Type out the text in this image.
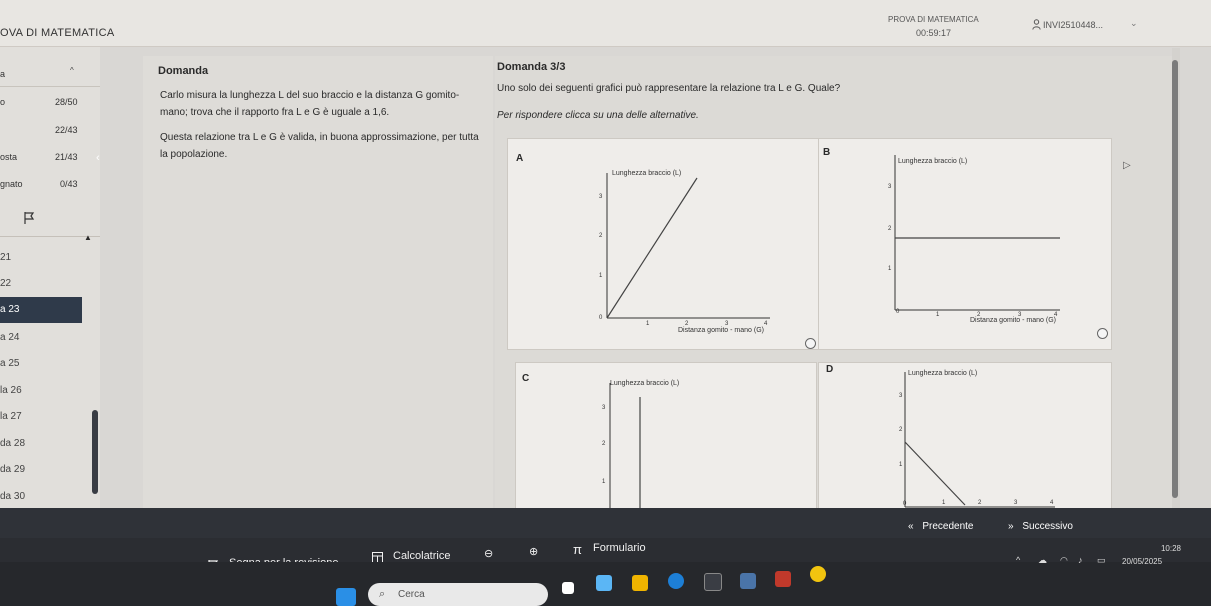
OVA DI MATEMATICA
PROVA DI MATEMATICA
00:59:17
INVI2510448...	⌄
a	^
o	28/50
22/43
osta	21/43
gnato	0/43
‹
▲
21
22
a 23
a 24
a 25
la 26
la 27
da 28
da 29
da 30
Domanda
Carlo misura la lunghezza L del suo braccio e la distanza G gomito-mano; trova che il rapporto fra L e G è uguale a 1,6.
Questa relazione tra L e G è valida, in buona approssimazione, per tutta la popolazione.
Domanda 3/3
Uno solo dei seguenti grafici può rappresentare la relazione tra L e G. Quale?
Per rispondere clicca su una delle alternative.
A
Lunghezza braccio (L)
Distanza gomito - mano (G)
0
1
2
3
1	2	3	4
B
Lunghezza braccio (L)
Distanza gomito - mano (G)
0
1
2
3
1	2	3	4
C	Lunghezza braccio (L)
1
2
3
D	Lunghezza braccio (L)
0
1
2
3
1	2	3	4
▷
« Precedente	» Successivo
Calcolatrice	⊖	⊕	π Formulario
⌕ Cerca
^ ☁ ◠ ♪ ▭
10:28
20/05/2025
